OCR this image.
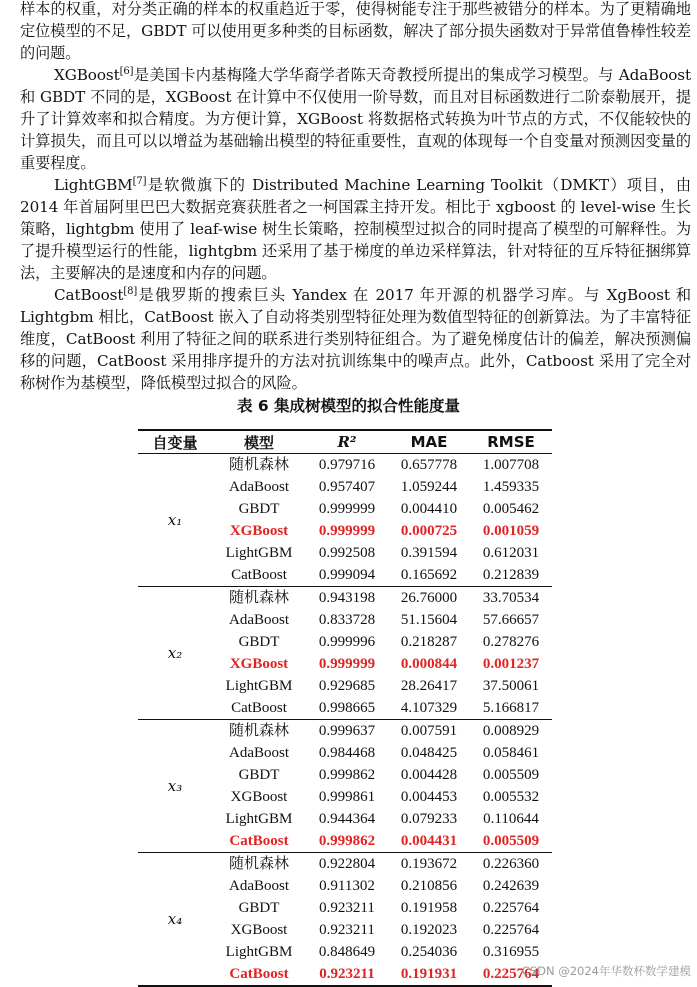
样本的权重，对分类正确的样本的权重趋近于零，使得树能专注于那些被错分的样本。为了更精确地定位模型的不足，GBDT 可以使用更多种类的目标函数，解决了部分损失函数对于异常值鲁棒性较差的问题。

XGBoost[6]是美国卡内基梅隆大学华裔学者陈天奇教授所提出的集成学习模型。与 AdaBoost 和 GBDT 不同的是，XGBoost 在计算中不仅使用一阶导数，而且对目标函数进行二阶泰勒展开，提升了计算效率和拟合精度。为方便计算，XGBoost 将数据格式转换为叶节点的方式，不仅能较快的计算损失，而且可以以增益为基础输出模型的特征重要性，直观的体现每一个自变量对预测因变量的重要程度。

LightGBM[7]是软微旗下的 Distributed Machine Learning Toolkit（DMKT）项目，由 2014 年首届阿里巴巴大数据竞赛获胜者之一柯国霖主持开发。相比于 xgboost 的 level-wise 生长策略，lightgbm 使用了 leaf-wise 树生长策略，控制模型过拟合的同时提高了模型的可解释性。为了提升模型运行的性能，lightgbm 还采用了基于梯度的单边采样算法，针对特征的互斥特征捆绑算法，主要解决的是速度和内存的问题。

CatBoost[8]是俄罗斯的搜索巨头 Yandex 在 2017 年开源的机器学习库。与 XgBoost 和 Lightgbm 相比，CatBoost 嵌入了自动将类别型特征处理为数值型特征的创新算法。为了丰富特征维度，CatBoost 利用了特征之间的联系进行类别特征组合。为了避免梯度估计的偏差，解决预测偏移的问题，CatBoost 采用排序提升的方法对抗训练集中的噪声点。此外，Catboost 采用了完全对称树作为基模型，降低模型过拟合的风险。

表 6 集成树模型的拟合性能度量

自变量	模型	R²	MAE	RMSE
x₁	随机森林	0.979716	0.657778	1.007708
	AdaBoost	0.957407	1.059244	1.459335
	GBDT	0.999999	0.004410	0.005462
	XGBoost	0.999999	0.000725	0.001059
	LightGBM	0.992508	0.391594	0.612031
	CatBoost	0.999094	0.165692	0.212839
x₂	随机森林	0.943198	26.76000	33.70534
	AdaBoost	0.833728	51.15604	57.66657
	GBDT	0.999996	0.218287	0.278276
	XGBoost	0.999999	0.000844	0.001237
	LightGBM	0.929685	28.26417	37.50061
	CatBoost	0.998665	4.107329	5.166817
x₃	随机森林	0.999637	0.007591	0.008929
	AdaBoost	0.984468	0.048425	0.058461
	GBDT	0.999862	0.004428	0.005509
	XGBoost	0.999861	0.004453	0.005532
	LightGBM	0.944364	0.079233	0.110644
	CatBoost	0.999862	0.004431	0.005509
x₄	随机森林	0.922804	0.193672	0.226360
	AdaBoost	0.911302	0.210856	0.242639
	GBDT	0.923211	0.191958	0.225764
	XGBoost	0.923211	0.192023	0.225764
	LightGBM	0.848649	0.254036	0.316955
	CatBoost	0.923211	0.191931	0.225764
CSDN @2024年华数杯数学建模
